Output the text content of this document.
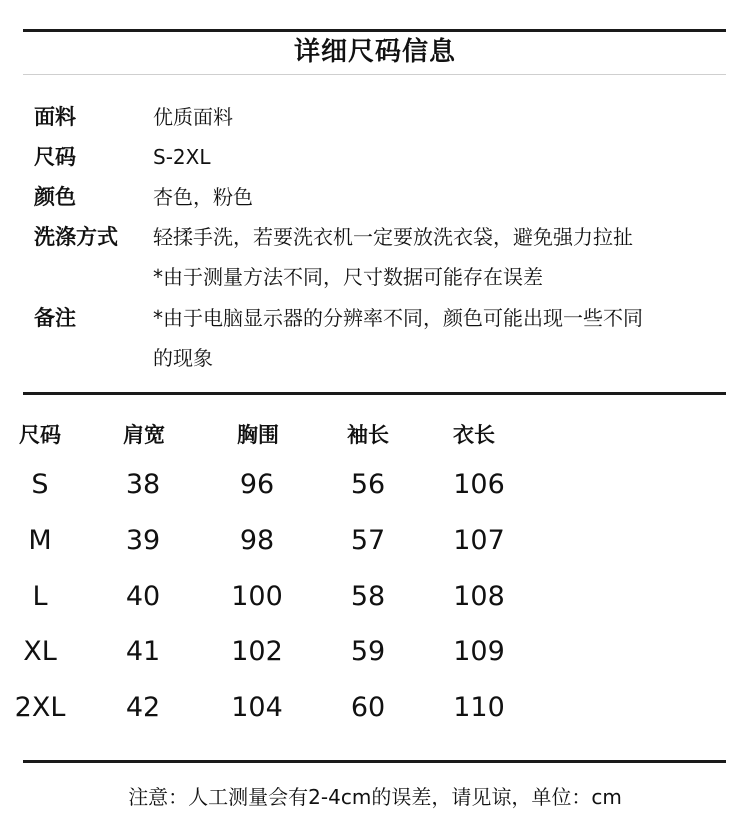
详细尺码信息
面料	优质面料
尺码	S-2XL
颜色	杏色，粉色
洗涤方式 轻揉手洗，若要洗衣机一定要放洗衣袋，避免强力拉扯
*由于测量方法不同，尺寸数据可能存在误差
备注	*由于电脑显示器的分辨率不同，颜色可能出现一些不同
的现象
尺码	肩宽	胸围	袖长	衣长
S	38	96	56	106
M	39	98	57	107
L	40	100	58	108
XL	41	102	59	109
2XL	42	104	60	110
注意：人工测量会有2-4cm的误差，请见谅，单位：cm
